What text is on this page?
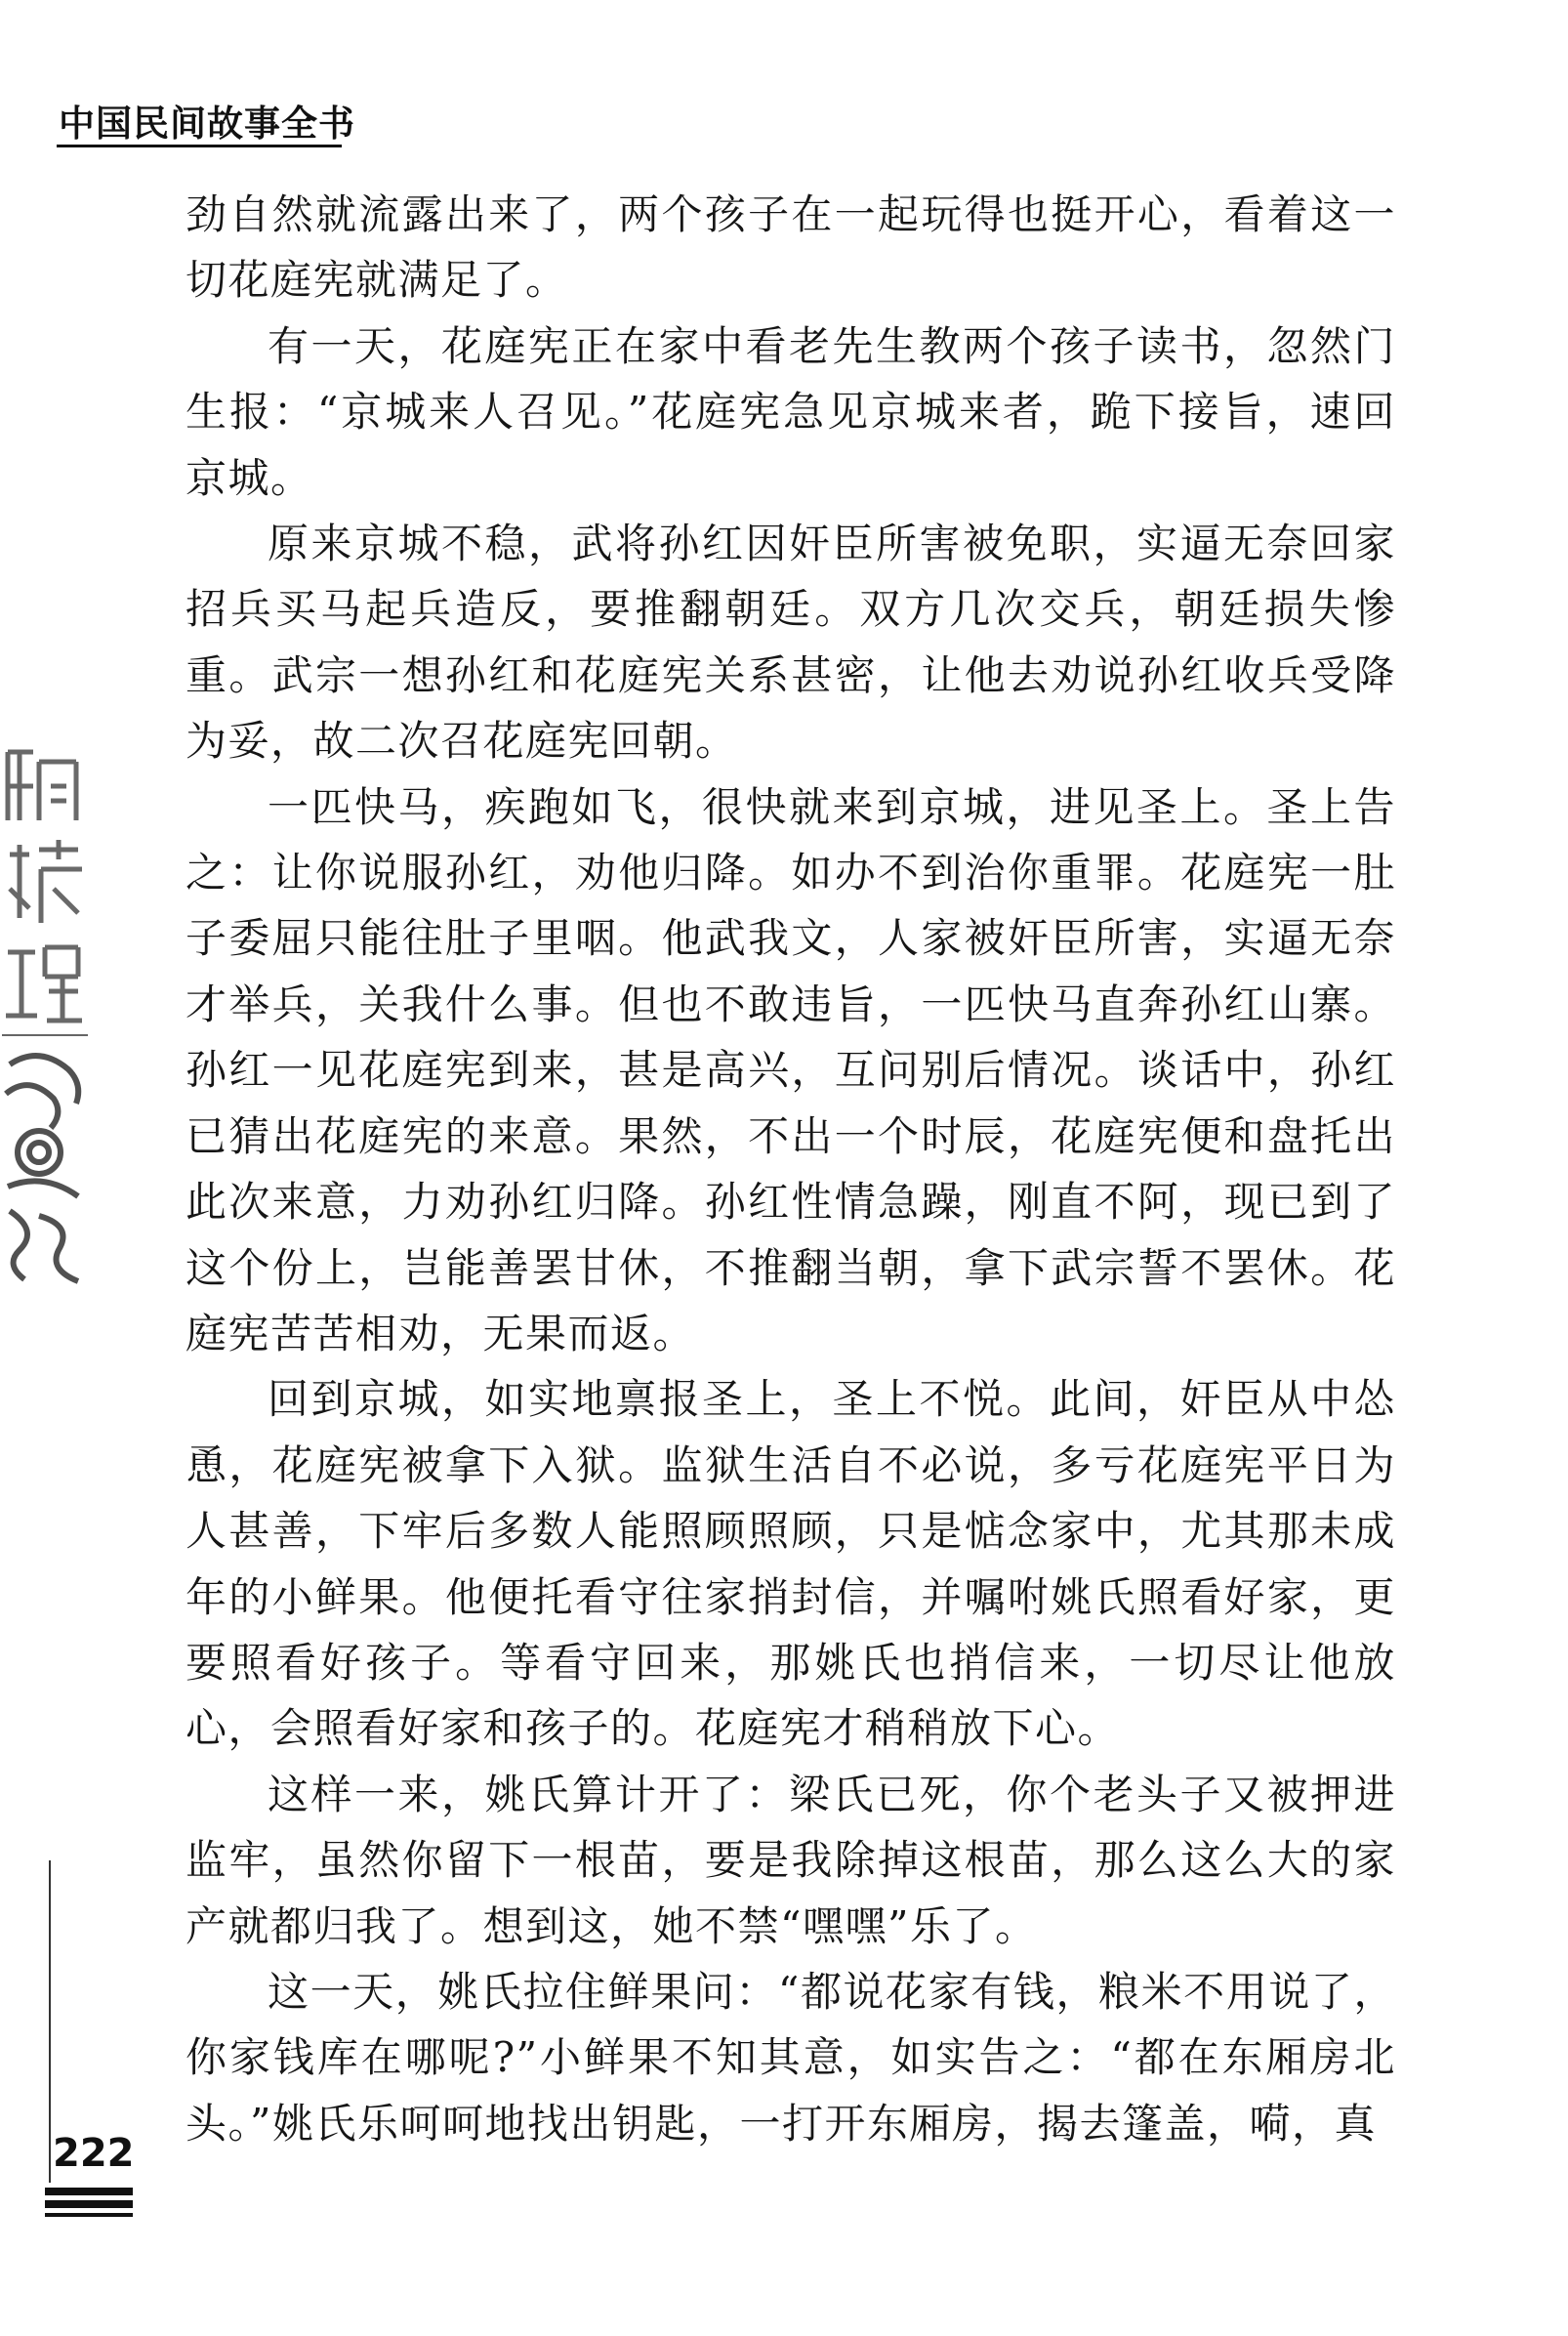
中国民间故事全书

劲自然就流露出来了，两个孩子在一起玩得也挺开心，看着这一切花庭宪就满足了。

有一天，花庭宪正在家中看老先生教两个孩子读书，忽然门生报：“京城来人召见。”花庭宪急见京城来者，跪下接旨，速回京城。

原来京城不稳，武将孙红因奸臣所害被免职，实逼无奈回家招兵买马起兵造反，要推翻朝廷。双方几次交兵，朝廷损失惨重。武宗一想孙红和花庭宪关系甚密，让他去劝说孙红收兵受降为妥，故二次召花庭宪回朝。

一匹快马，疾跑如飞，很快就来到京城，进见圣上。圣上告之：让你说服孙红，劝他归降。如办不到治你重罪。花庭宪一肚子委屈只能往肚子里咽。他武我文，人家被奸臣所害，实逼无奈才举兵，关我什么事。但也不敢违旨，一匹快马直奔孙红山寨。孙红一见花庭宪到来，甚是高兴，互问别后情况。谈话中，孙红已猜出花庭宪的来意。果然，不出一个时辰，花庭宪便和盘托出此次来意，力劝孙红归降。孙红性情急躁，刚直不阿，现已到了这个份上，岂能善罢甘休，不推翻当朝，拿下武宗誓不罢休。花庭宪苦苦相劝，无果而返。

回到京城，如实地禀报圣上，圣上不悦。此间，奸臣从中怂恿，花庭宪被拿下入狱。监狱生活自不必说，多亏花庭宪平日为人甚善，下牢后多数人能照顾照顾，只是惦念家中，尤其那未成年的小鲜果。他便托看守往家捎封信，并嘱咐姚氏照看好家，更要照看好孩子。等看守回来，那姚氏也捎信来，一切尽让他放心，会照看好家和孩子的。花庭宪才稍稍放下心。

这样一来，姚氏算计开了：梁氏已死，你个老头子又被押进监牢，虽然你留下一根苗，要是我除掉这根苗，那么这么大的家产就都归我了。想到这，她不禁“嘿嘿”乐了。

这一天，姚氏拉住鲜果问：“都说花家有钱，粮米不用说了，你家钱库在哪呢?”小鲜果不知其意，如实告之：“都在东厢房北头。”姚氏乐呵呵地找出钥匙，一打开东厢房，揭去篷盖，嗬，真

222
